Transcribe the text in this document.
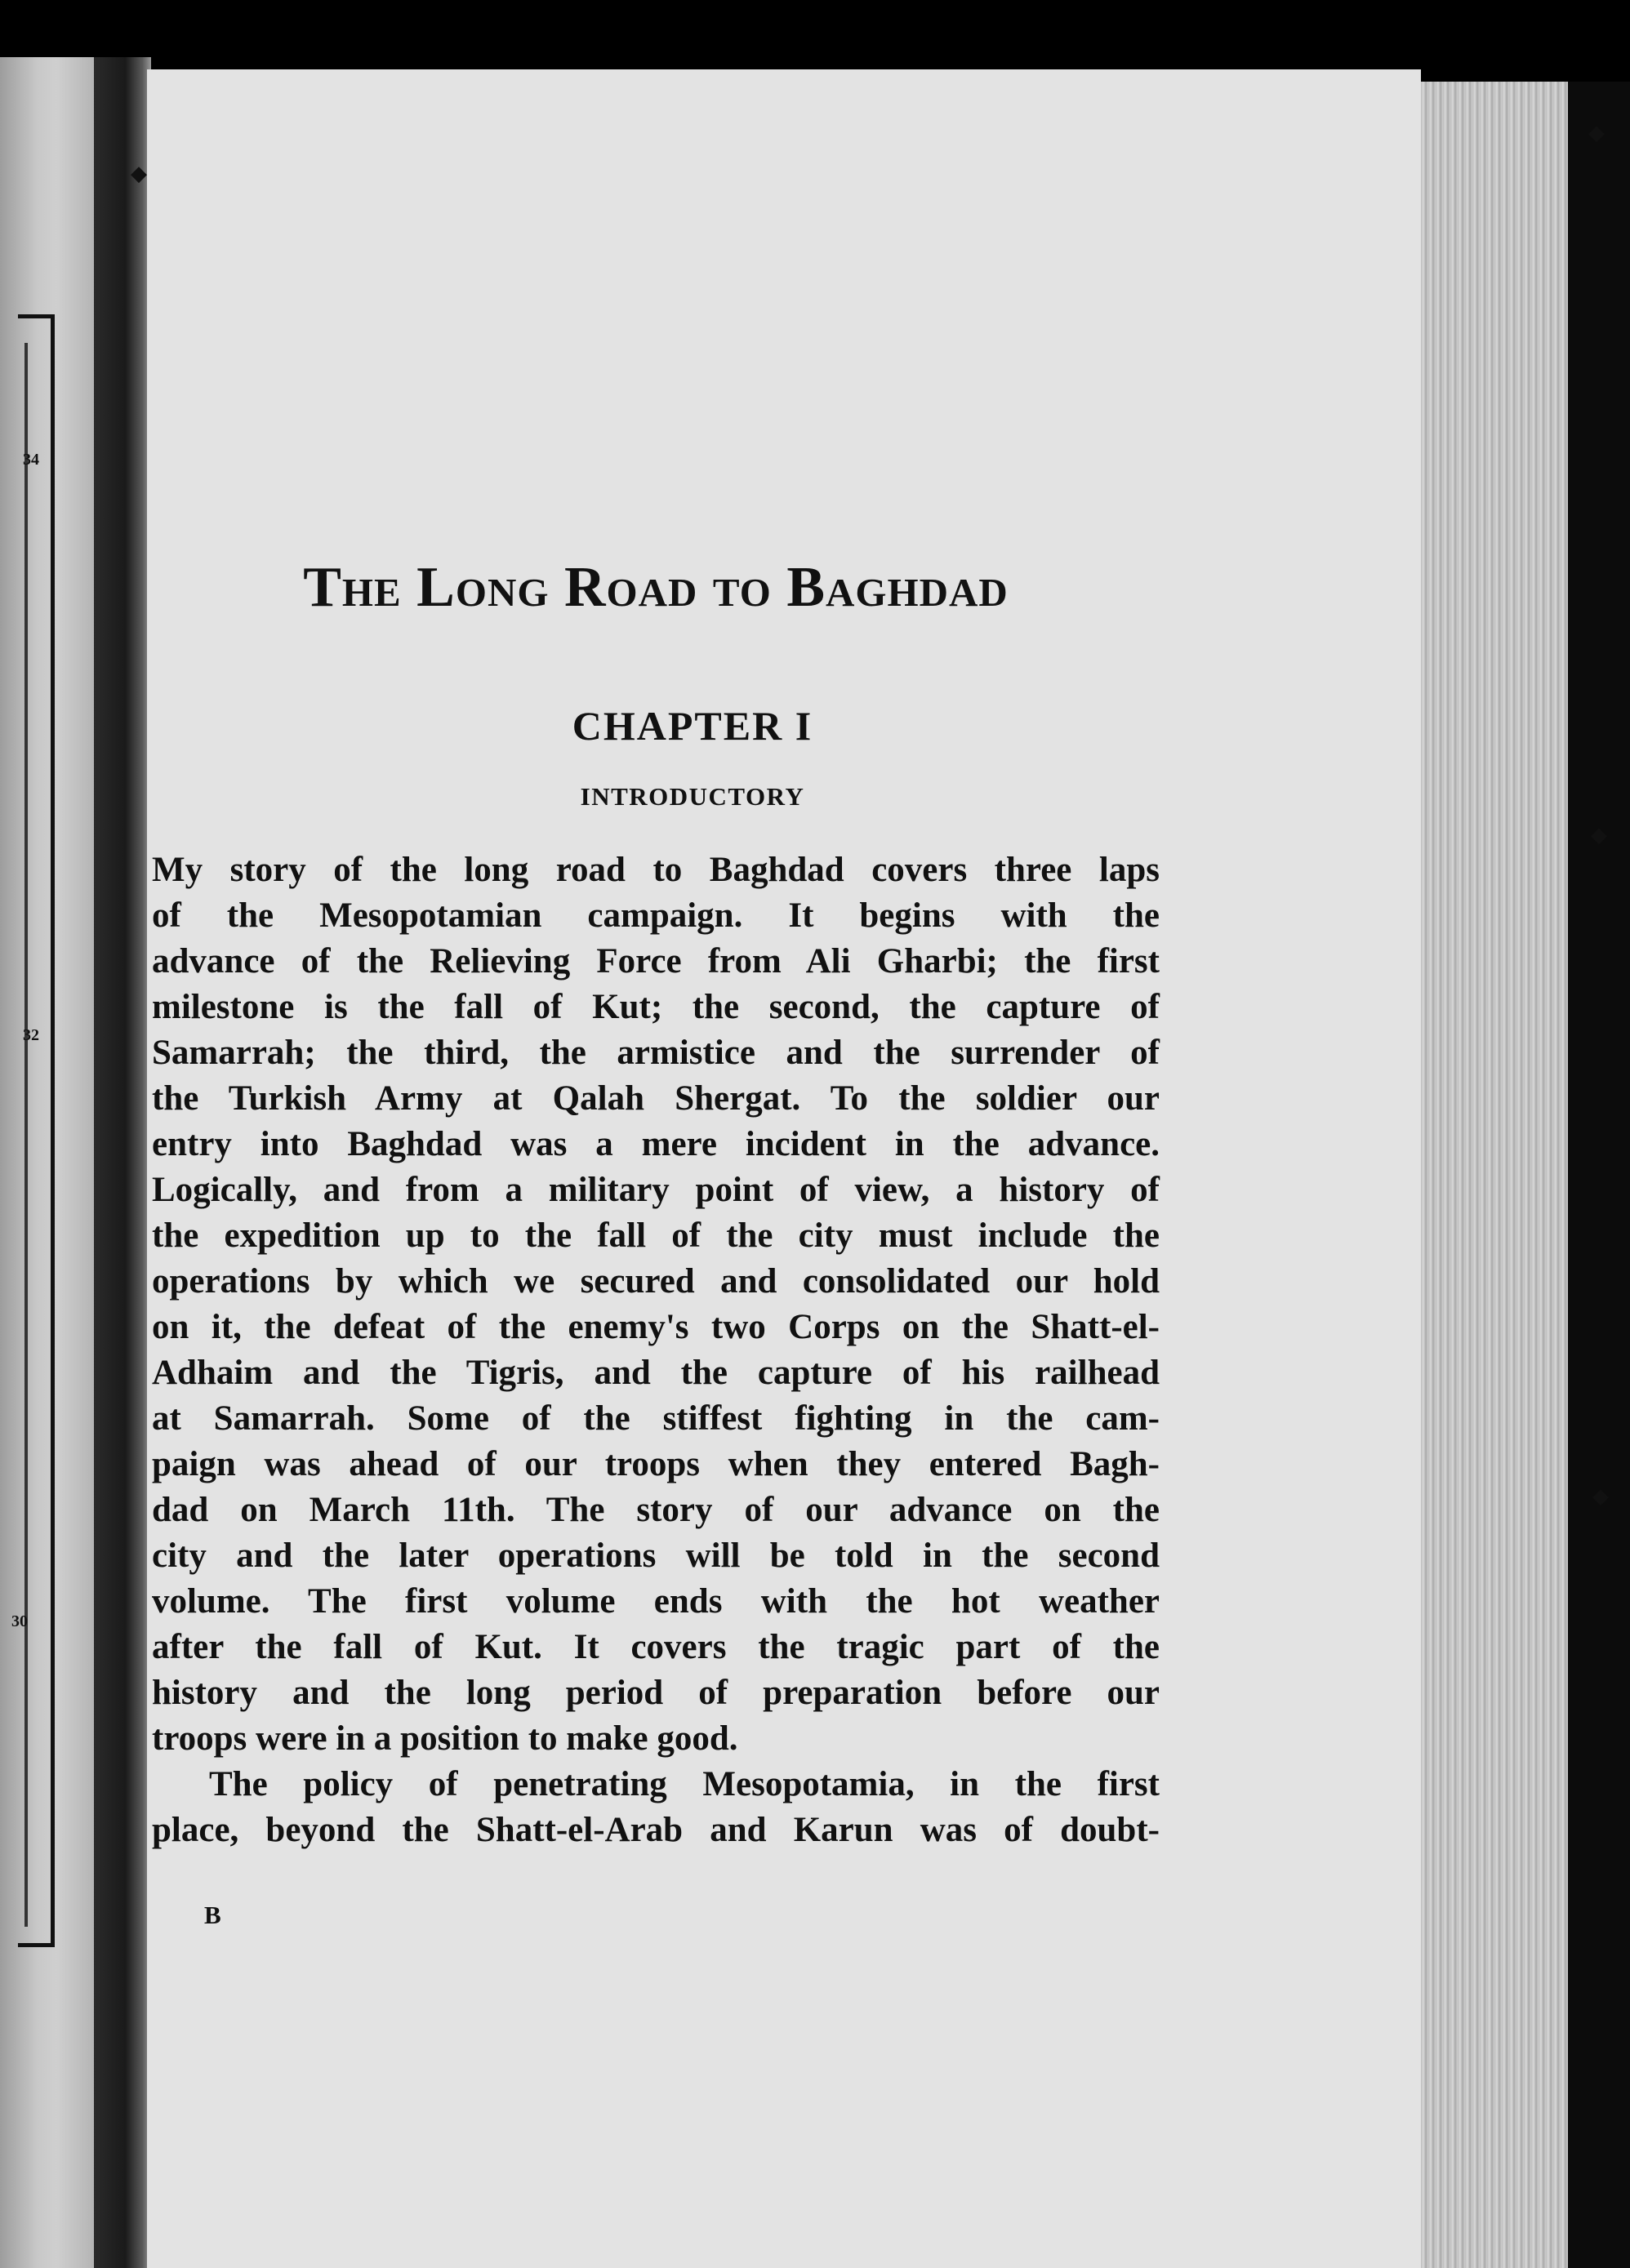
34
32
30
◆
◆
◆
◆
The Long Road to Baghdad
CHAPTER I
INTRODUCTORY

My story of the long road to Baghdad covers three laps
of the Mesopotamian campaign. It begins with the
advance of the Relieving Force from Ali Gharbi; the first
milestone is the fall of Kut; the second, the capture of
Samarrah; the third, the armistice and the surrender of
the Turkish Army at Qalah Shergat. To the soldier our
entry into Baghdad was a mere incident in the advance.
Logically, and from a military point of view, a history of
the expedition up to the fall of the city must include the
operations by which we secured and consolidated our hold
on it, the defeat of the enemy's two Corps on the Shatt-el-
Adhaim and the Tigris, and the capture of his railhead
at Samarrah. Some of the stiffest fighting in the cam-
paign was ahead of our troops when they entered Bagh-
dad on March 11th. The story of our advance on the
city and the later operations will be told in the second
volume. The first volume ends with the hot weather
after the fall of Kut. It covers the tragic part of the
history and the long period of preparation before our
troops were in a position to make good.

The policy of penetrating Mesopotamia, in the first
place, beyond the Shatt-el-Arab and Karun was of doubt-

B
